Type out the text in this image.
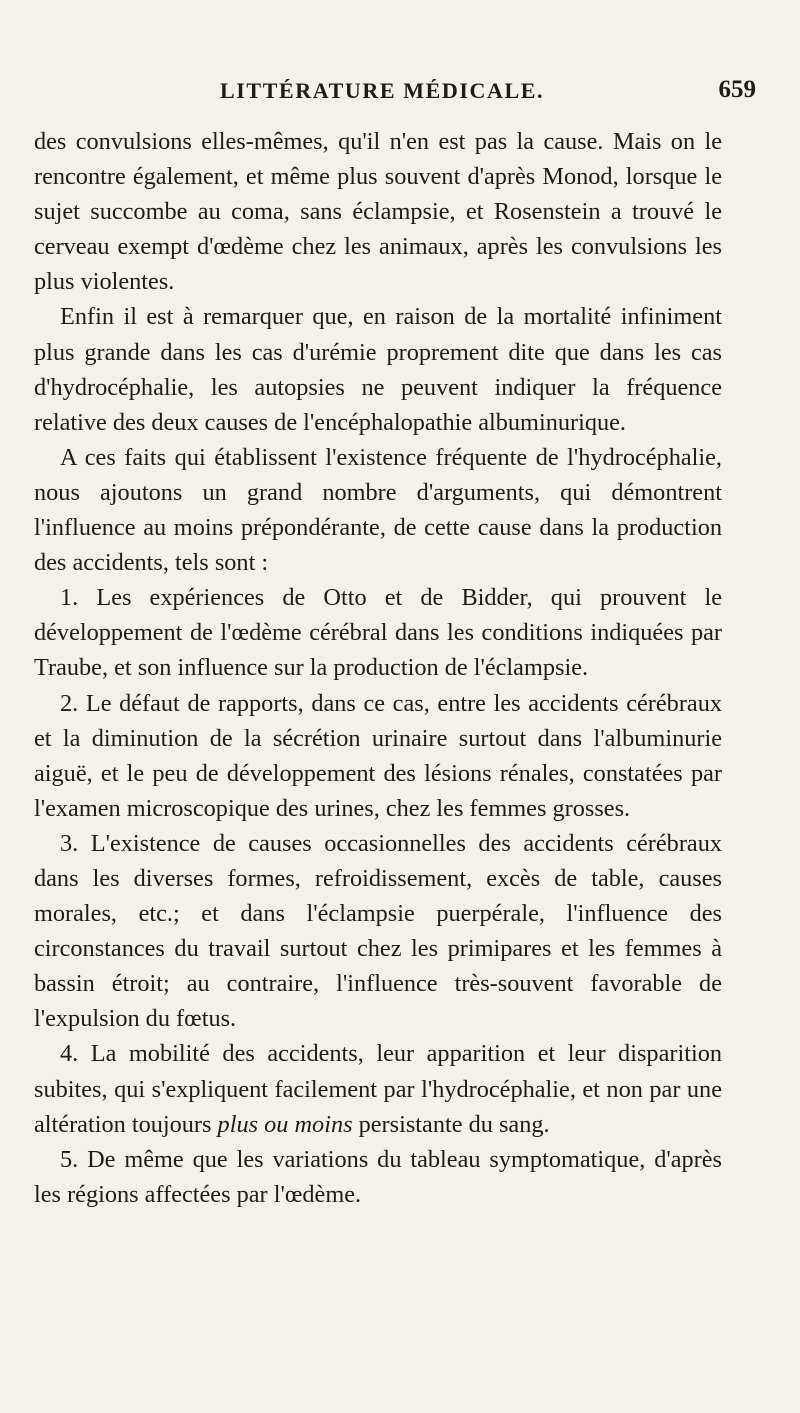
LITTÉRATURE MÉDICALE.	659

des convulsions elles-mêmes, qu'il n'en est pas la cause. Mais on le rencontre également, et même plus souvent d'après Monod, lorsque le sujet succombe au coma, sans éclampsie, et Rosenstein a trouvé le cerveau exempt d'œdème chez les animaux, après les convulsions les plus violentes.

Enfin il est à remarquer que, en raison de la mortalité infiniment plus grande dans les cas d'urémie proprement dite que dans les cas d'hydrocéphalie, les autopsies ne peuvent indiquer la fréquence relative des deux causes de l'encéphalopathie albuminurique.

A ces faits qui établissent l'existence fréquente de l'hydrocéphalie, nous ajoutons un grand nombre d'arguments, qui démontrent l'influence au moins prépondérante, de cette cause dans la production des accidents, tels sont :

1. Les expériences de Otto et de Bidder, qui prouvent le développement de l'œdème cérébral dans les conditions indiquées par Traube, et son influence sur la production de l'éclampsie.

2. Le défaut de rapports, dans ce cas, entre les accidents cérébraux et la diminution de la sécrétion urinaire surtout dans l'albuminurie aiguë, et le peu de développement des lésions rénales, constatées par l'examen microscopique des urines, chez les femmes grosses.

3. L'existence de causes occasionnelles des accidents cérébraux dans les diverses formes, refroidissement, excès de table, causes morales, etc.; et dans l'éclampsie puerpérale, l'influence des circonstances du travail surtout chez les primipares et les femmes à bassin étroit; au contraire, l'influence très-souvent favorable de l'expulsion du fœtus.

4. La mobilité des accidents, leur apparition et leur disparition subites, qui s'expliquent facilement par l'hydrocéphalie, et non par une altération toujours plus ou moins persistante du sang.

5. De même que les variations du tableau symptomatique, d'après les régions affectées par l'œdème.
